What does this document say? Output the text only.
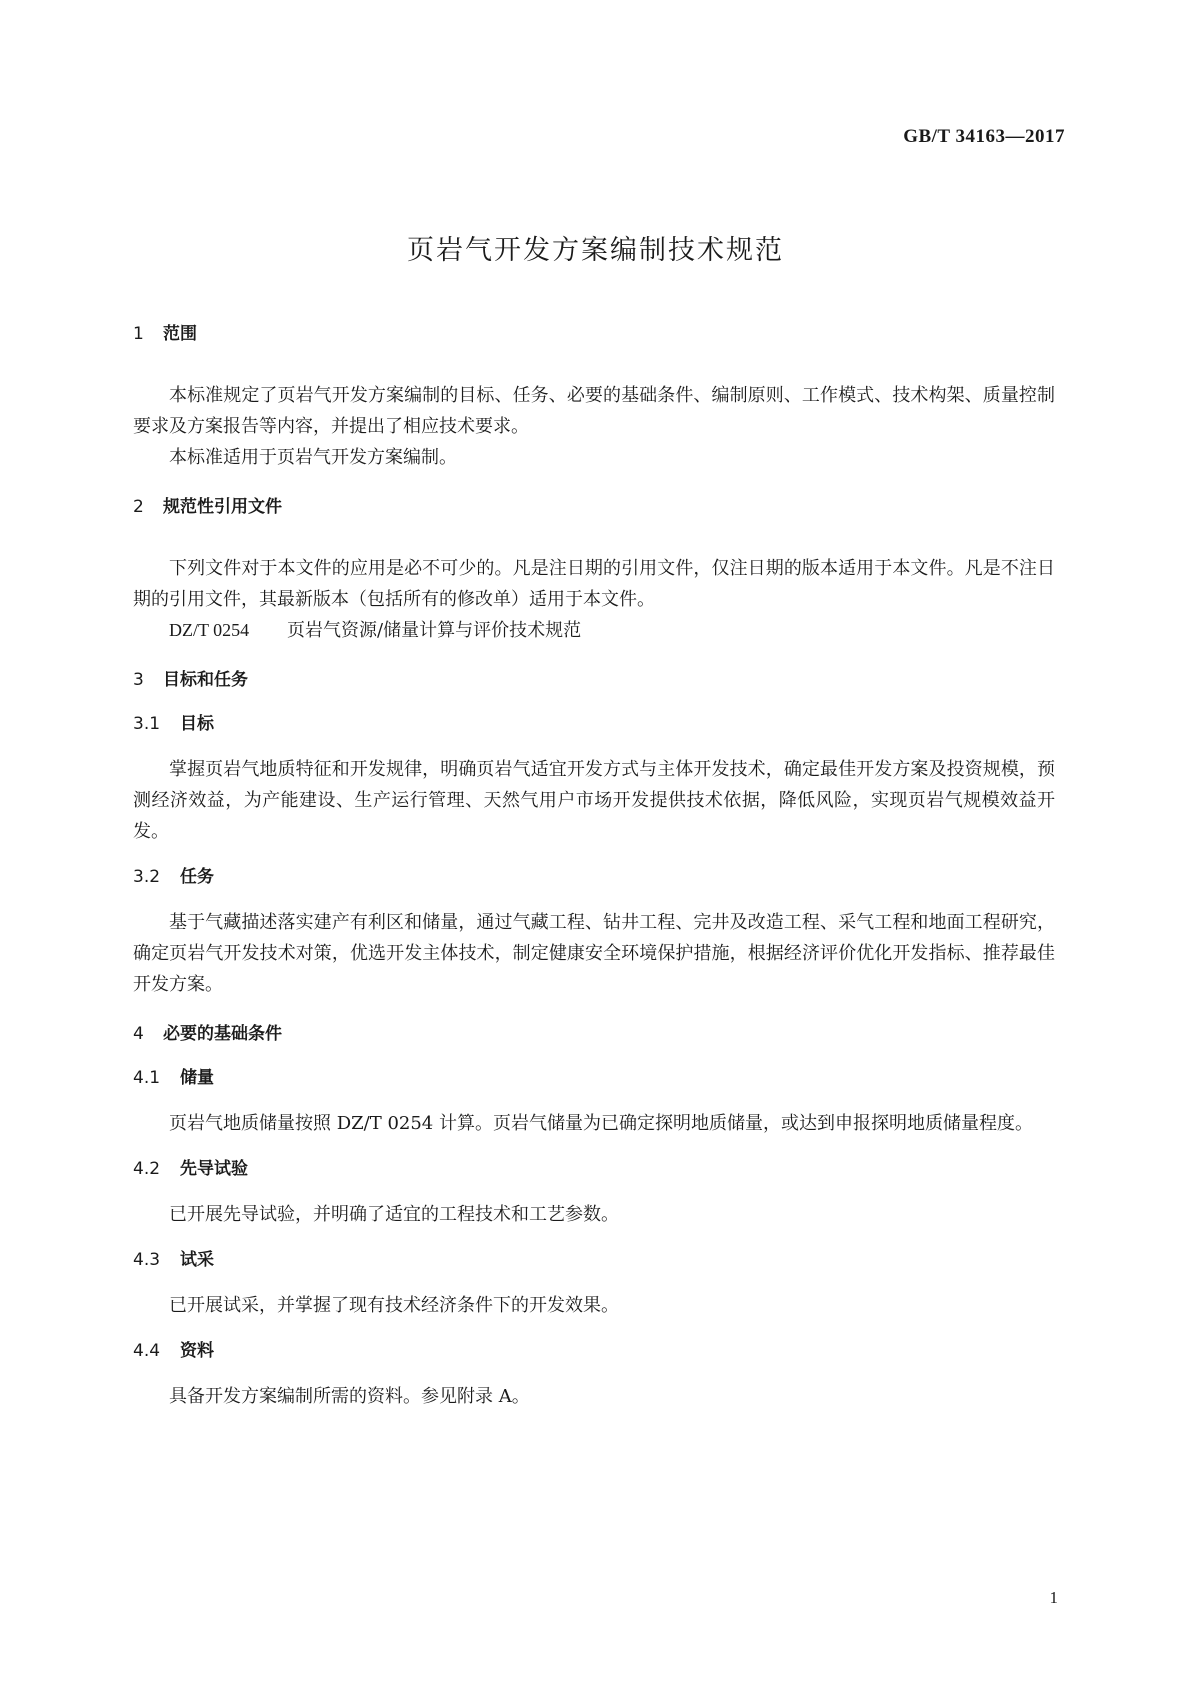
GB/T 34163—2017
页岩气开发方案编制技术规范
1 范围

本标准规定了页岩气开发方案编制的目标、任务、必要的基础条件、编制原则、工作模式、技术构架、质量控制要求及方案报告等内容，并提出了相应技术要求。

本标准适用于页岩气开发方案编制。

2 规范性引用文件

下列文件对于本文件的应用是必不可少的。凡是注日期的引用文件，仅注日期的版本适用于本文件。凡是不注日期的引用文件，其最新版本（包括所有的修改单）适用于本文件。

DZ/T 0254 页岩气资源/储量计算与评价技术规范
3 目标和任务
3.1 目标

掌握页岩气地质特征和开发规律，明确页岩气适宜开发方式与主体开发技术，确定最佳开发方案及投资规模，预测经济效益，为产能建设、生产运行管理、天然气用户市场开发提供技术依据，降低风险，实现页岩气规模效益开发。

3.2 任务

基于气藏描述落实建产有利区和储量，通过气藏工程、钻井工程、完井及改造工程、采气工程和地面工程研究，确定页岩气开发技术对策，优选开发主体技术，制定健康安全环境保护措施，根据经济评价优化开发指标、推荐最佳开发方案。

4 必要的基础条件
4.1 储量

页岩气地质储量按照 DZ/T 0254 计算。页岩气储量为已确定探明地质储量，或达到申报探明地质储量程度。

4.2 先导试验

已开展先导试验，并明确了适宜的工程技术和工艺参数。

4.3 试采

已开展试采，并掌握了现有技术经济条件下的开发效果。

4.4 资料

具备开发方案编制所需的资料。参见附录 A。

1
